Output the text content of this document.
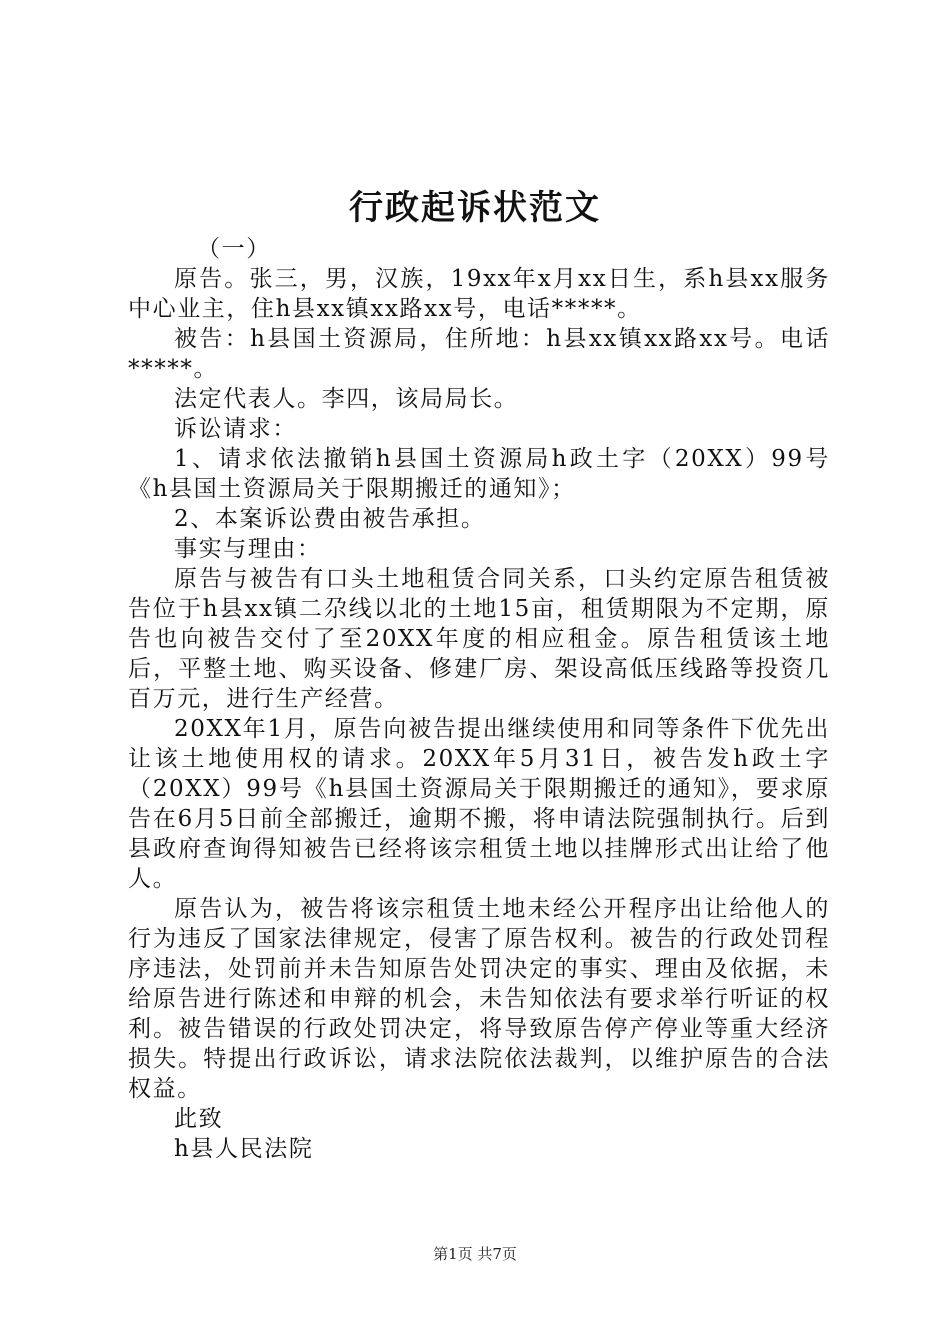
行政起诉状范文

（一）

原告。张三，男，汉族，19xx年x月xx日生，系h县xx服务中心业主，住h县xx镇xx路xx号，电话*****。

被告：h县国土资源局，住所地：h县xx镇xx路xx号。电话*****。

法定代表人。李四，该局局长。

诉讼请求：

1、请求依法撤销h县国土资源局h政土字（20XX）99号《h县国土资源局关于限期搬迁的通知》；

2、本案诉讼费由被告承担。

事实与理由：

原告与被告有口头土地租赁合同关系，口头约定原告租赁被告位于h县xx镇二尕线以北的土地15亩，租赁期限为不定期，原告也向被告交付了至20XX年度的相应租金。原告租赁该土地后，平整土地、购买设备、修建厂房、架设高低压线路等投资几百万元，进行生产经营。

20XX年1月，原告向被告提出继续使用和同等条件下优先出让该土地使用权的请求。20XX年5月31日，被告发h政土字（20XX）99号《h县国土资源局关于限期搬迁的通知》，要求原告在6月5日前全部搬迁，逾期不搬，将申请法院强制执行。后到县政府查询得知被告已经将该宗租赁土地以挂牌形式出让给了他人。

原告认为，被告将该宗租赁土地未经公开程序出让给他人的行为违反了国家法律规定，侵害了原告权利。被告的行政处罚程序违法，处罚前并未告知原告处罚决定的事实、理由及依据，未给原告进行陈述和申辩的机会，未告知依法有要求举行听证的权利。被告错误的行政处罚决定，将导致原告停产停业等重大经济损失。特提出行政诉讼，请求法院依法裁判，以维护原告的合法权益。

此致

h县人民法院

第1页 共7页
